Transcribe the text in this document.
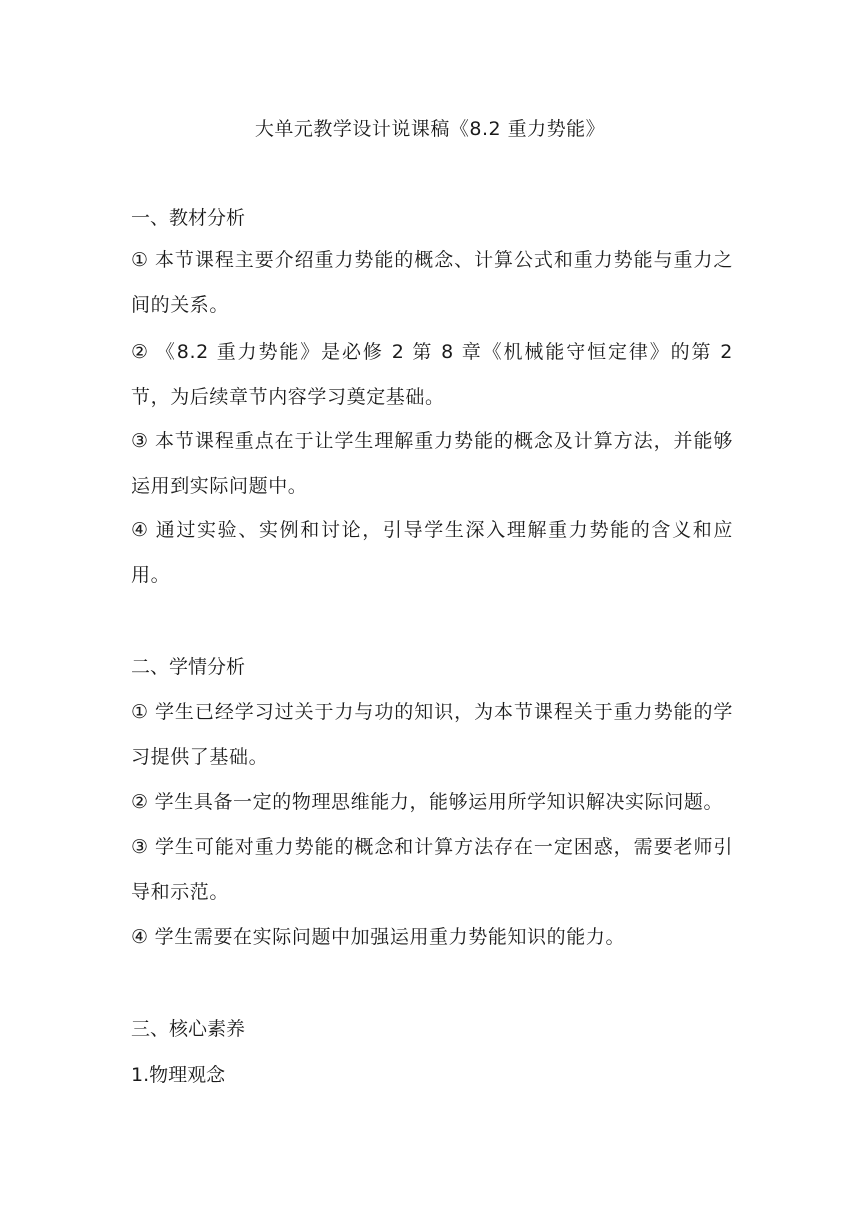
大单元教学设计说课稿《8.2 重力势能》
一、教材分析
① 本节课程主要介绍重力势能的概念、计算公式和重力势能与重力之间的关系。
② 《8.2 重力势能》是必修 2 第 8 章《机械能守恒定律》的第 2 节，为后续章节内容学习奠定基础。
③ 本节课程重点在于让学生理解重力势能的概念及计算方法，并能够运用到实际问题中。
④ 通过实验、实例和讨论，引导学生深入理解重力势能的含义和应用。
二、学情分析
① 学生已经学习过关于力与功的知识，为本节课程关于重力势能的学习提供了基础。
② 学生具备一定的物理思维能力，能够运用所学知识解决实际问题。
③ 学生可能对重力势能的概念和计算方法存在一定困惑，需要老师引导和示范。
④ 学生需要在实际问题中加强运用重力势能知识的能力。
三、核心素养
1.物理观念
